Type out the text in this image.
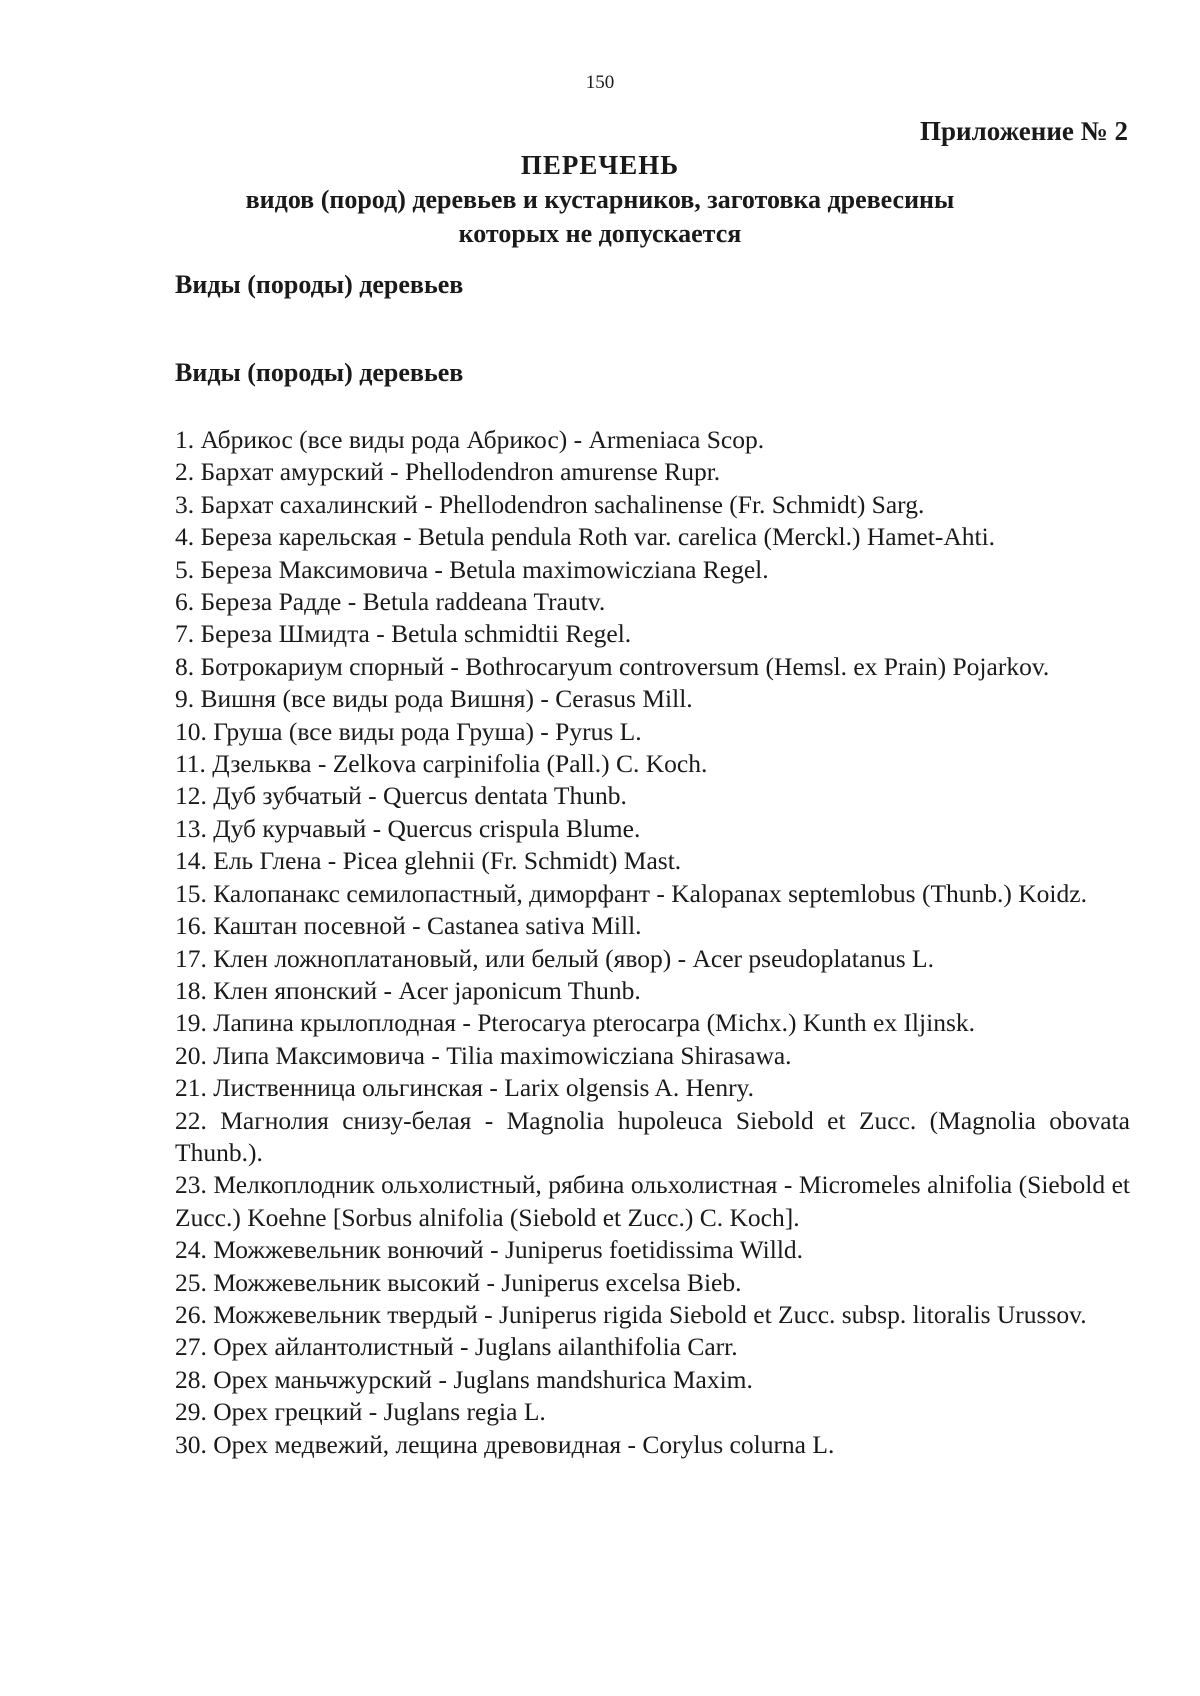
150
Приложение № 2
ПЕРЕЧЕНЬ
видов (пород) деревьев и кустарников, заготовка древесины
которых не допускается
Виды (породы) деревьев
Виды (породы) деревьев
1. Абрикос (все виды рода Абрикос) - Armeniaca Scop.
2. Бархат амурский - Phellodendron amurense Rupr.
3. Бархат сахалинский - Phellodendron sachalinense (Fr. Schmidt) Sarg.
4. Береза карельская - Betula pendula Roth var. carelica (Merckl.) Hamet-Ahti.
5. Береза Максимовича - Betula maximowicziana Regel.
6. Береза Радде - Betula raddeana Trautv.
7. Береза Шмидта - Betula schmidtii Regel.
8. Ботрокариум спорный - Bothrocaryum controversum (Hemsl. ex Prain) Pojarkov.
9. Вишня (все виды рода Вишня) - Cerasus Mill.
10. Груша (все виды рода Груша) - Pyrus L.
11. Дзельква - Zelkova carpinifolia (Pall.) C. Koch.
12. Дуб зубчатый - Quercus dentata Thunb.
13. Дуб курчавый - Quercus crispula Blume.
14. Ель Глена - Picea glehnii (Fr. Schmidt) Mast.
15. Калопанакс семилопастный, диморфант - Kalopanax septemlobus (Thunb.) Koidz.
16. Каштан посевной - Castanea sativa Mill.
17. Клен ложноплатановый, или белый (явор) - Acer pseudoplatanus L.
18. Клен японский - Acer japonicum Thunb.
19. Лапина крылоплодная - Pterocarya pterocarpa (Michx.) Kunth ex Iljinsk.
20. Липа Максимовича - Tilia maximowicziana Shirasawa.
21. Лиственница ольгинская - Larix olgensis A. Henry.
22. Магнолия снизу-белая - Magnolia hupoleuca Siebold et Zucc. (Magnolia obovata Thunb.).
23. Мелкоплодник ольхолистный, рябина ольхолистная - Micromeles alnifolia (Siebold et Zucc.) Koehne [Sorbus alnifolia (Siebold et Zucc.) C. Koch].
24. Можжевельник вонючий - Juniperus foetidissima Willd.
25. Можжевельник высокий - Juniperus excelsa Bieb.
26. Можжевельник твердый - Juniperus rigida Siebold et Zucc. subsp. litoralis Urussov.
27. Орех айлантолистный - Juglans ailanthifolia Carr.
28. Орех маньчжурский - Juglans mandshurica Maxim.
29. Орех грецкий - Juglans regia L.
30. Орех медвежий, лещина древовидная - Corylus colurna L.
